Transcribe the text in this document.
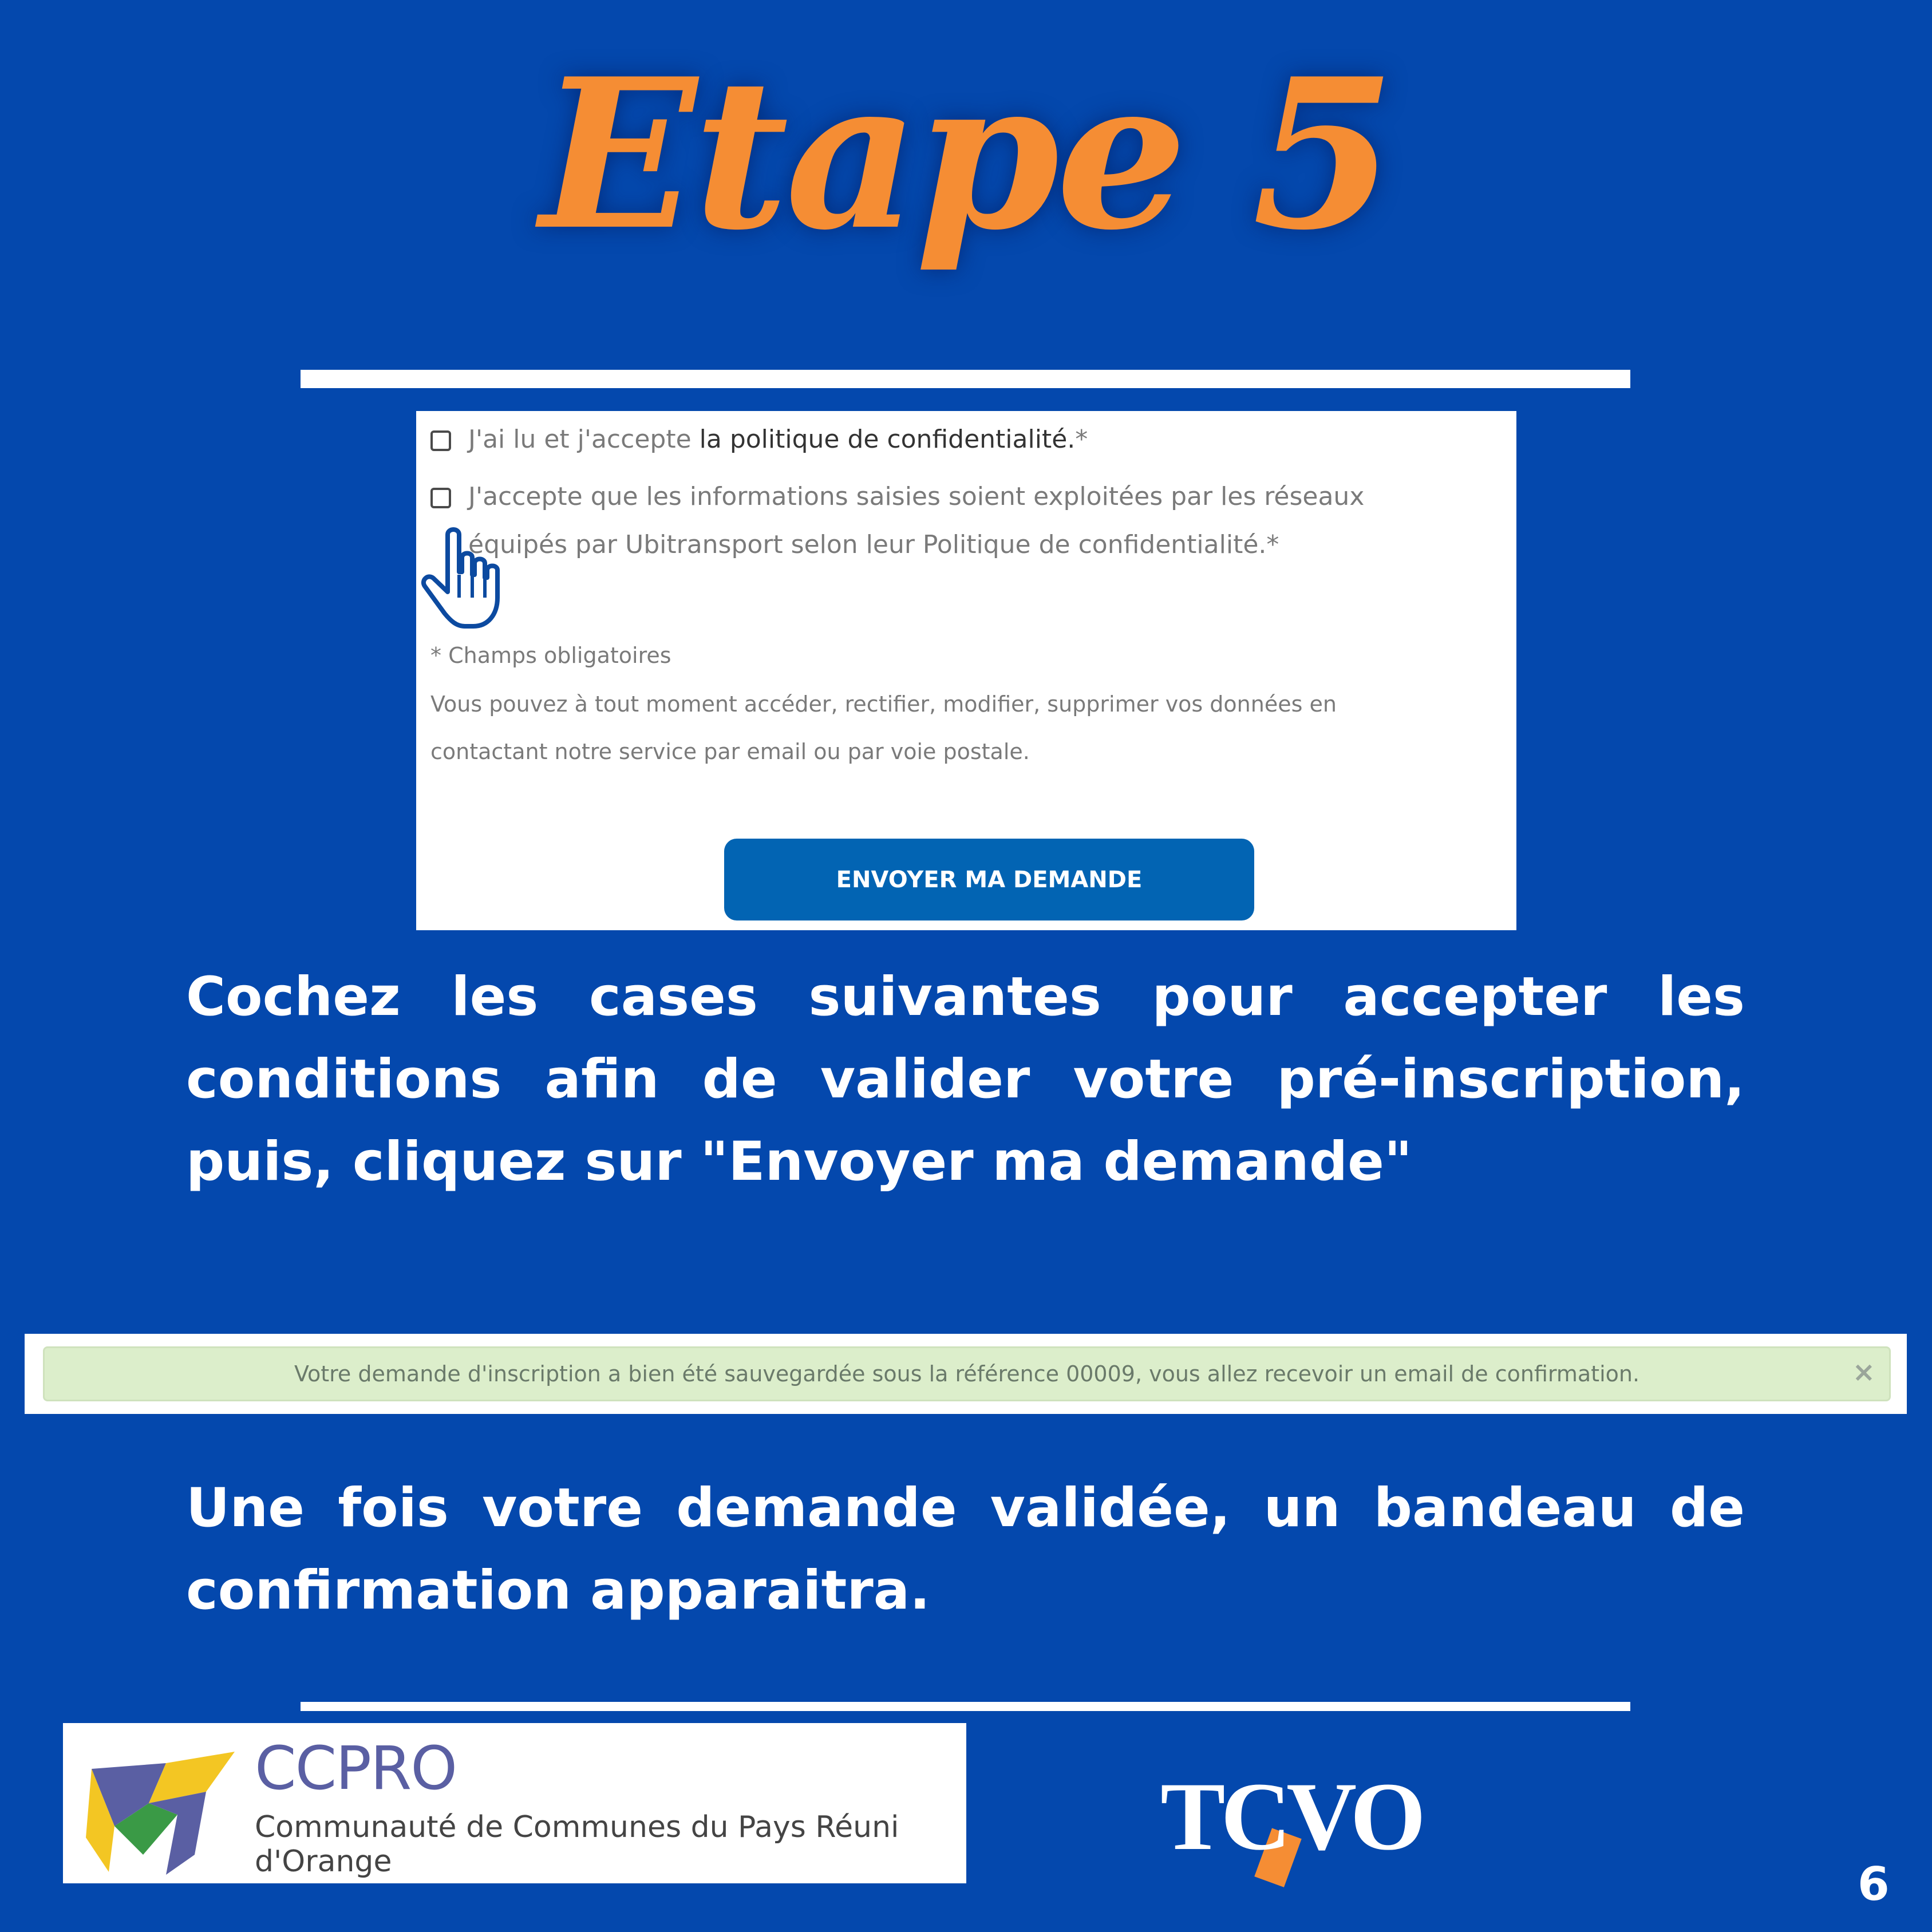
Etape 5
J'ai lu et j'accepte la politique de confidentialité.*
J'accepte que les informations saisies soient exploitées par les réseaux
équipés par Ubitransport selon leur Politique de confidentialité.*
* Champs obligatoires
Vous pouvez à tout moment accéder, rectifier, modifier, supprimer vos données en
contactant notre service par email ou par voie postale.
ENVOYER MA DEMANDE
Cochez les cases suivantes pour accepter les conditions afin de valider votre pré-inscription, puis, cliquez sur "Envoyer ma demande"
Votre demande d'inscription a bien été sauvegardée sous la référence 00009, vous allez recevoir un email de confirmation.	×
Une fois votre demande validée, un bandeau de confirmation apparaitra.
CCPRO
Communauté de Communes du Pays Réuni d'Orange	TCVO
6
